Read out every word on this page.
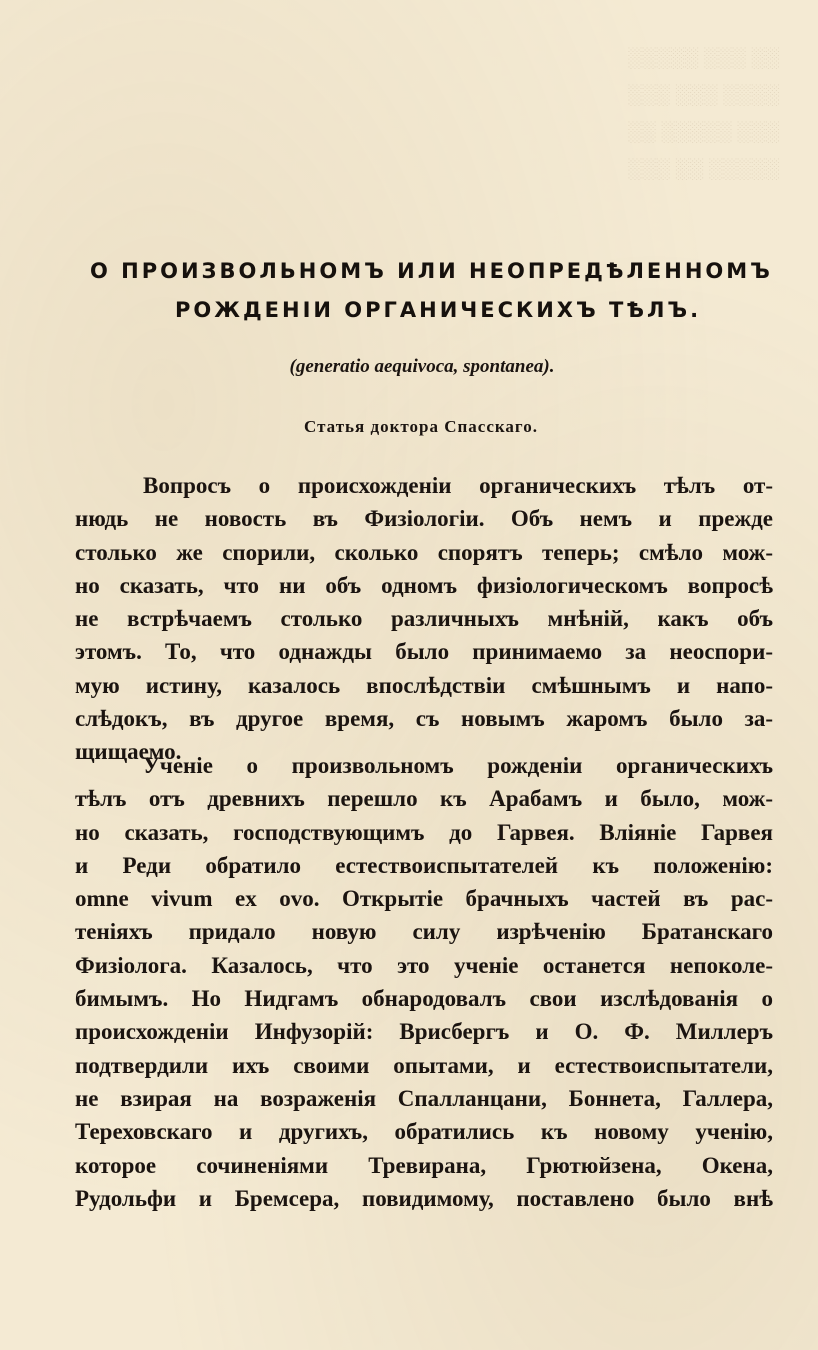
░░ ░░░ ░░░░░
░░░░ ░░░ ░░░
░░░ ░░░░░ ░░
░░░░░ ░░ ░░░
О ПРОИЗВОЛЬНОМЪ ИЛИ НЕОПРЕДѢЛЕННОМЪ
РОЖДЕНІИ ОРГАНИЧЕСКИХЪ ТѢЛЪ.
(generatio aequivoca, spontanea).
Статья доктора Спасскаго.
Вопросъ о происхожденіи органическихъ тѣлъ от-
нюдь не новость въ Физіологіи. Объ немъ и прежде
столько же спорили, сколько спорятъ теперь; смѣло мож-
но сказать, что ни объ одномъ физіологическомъ вопросѣ
не встрѣчаемъ столько различныхъ мнѣній, какъ объ
этомъ. То, что однажды было принимаемо за неоспори-
мую истину, казалось впослѣдствіи смѣшнымъ и напо-
слѣдокъ, въ другое время, съ новымъ жаромъ было за-
щищаемо.
Ученіе о произвольномъ рожденіи органическихъ
тѣлъ отъ древнихъ перешло къ Арабамъ и было, мож-
но сказать, господствующимъ до Гарвея. Вліяніе Гарвея
и Реди обратило естествоиспытателей къ положенію:
omne vivum ex ovo. Открытіе брачныхъ частей въ рас-
теніяхъ придало новую силу изрѣченію Братанскаго
Физіолога. Казалось, что это ученіе останется непоколе-
бимымъ. Но Нидгамъ обнародовалъ свои изслѣдованія о
происхожденіи Инфузорій: Врисбергъ и О. Ф. Миллеръ
подтвердили ихъ своими опытами, и естествоиспытатели,
не взирая на возраженія Спалланцани, Боннета, Галлера,
Тереховскаго и другихъ, обратились къ новому ученію,
которое сочиненіями Тревирана, Грютюйзена, Окена,
Рудольфи и Бремсера, повидимому, поставлено было внѣ
